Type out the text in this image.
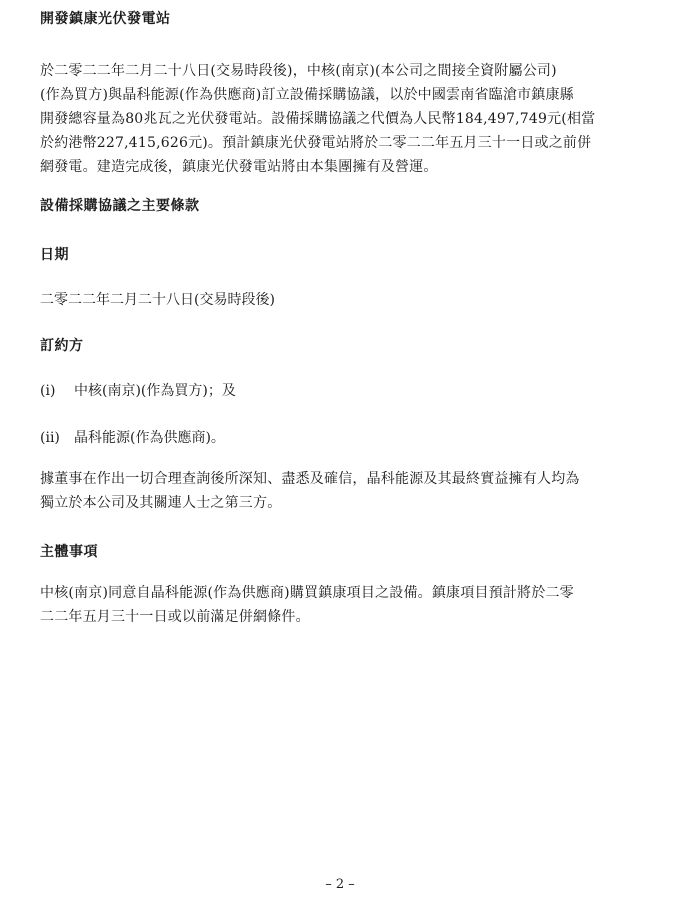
開發鎮康光伏發電站
於二零二二年二月二十八日(交易時段後)，中核(南京)(本公司之間接全資附屬公司)
(作為買方)與晶科能源(作為供應商)訂立設備採購協議，以於中國雲南省臨滄市鎮康縣
開發總容量為80兆瓦之光伏發電站。設備採購協議之代價為人民幣184,497,749元(相當
於約港幣227,415,626元)。預計鎮康光伏發電站將於二零二二年五月三十一日或之前併
網發電。建造完成後，鎮康光伏發電站將由本集團擁有及營運。
設備採購協議之主要條款
日期
二零二二年二月二十八日(交易時段後)
訂約方
(i) 中核(南京)(作為買方)；及
(ii) 晶科能源(作為供應商)。
據董事在作出一切合理查詢後所深知、盡悉及確信，晶科能源及其最終實益擁有人均為
獨立於本公司及其關連人士之第三方。
主體事項
中核(南京)同意自晶科能源(作為供應商)購買鎮康項目之設備。鎮康項目預計將於二零
二二年五月三十一日或以前滿足併網條件。
– 2 –
